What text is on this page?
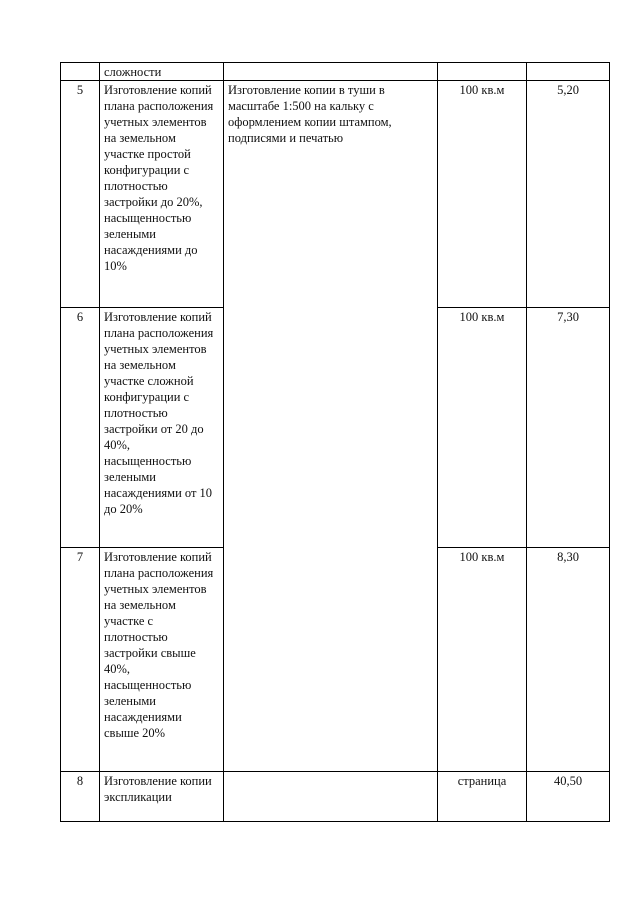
	сложности			
5	Изготовление копий плана расположения учетных элементов на земельном участке простой конфигурации с плотностью застройки до 20%, насыщенностью зелеными насаждениями до 10%	Изготовление копии в туши в масштабе 1:500 на кальку с оформлением копии штампом, подписями и печатью	100 кв.м	5,20
6	Изготовление копий плана расположения учетных элементов на земельном участке сложной конфигурации с плотностью застройки от 20 до 40%, насыщенностью зелеными насаждениями от 10 до 20%		100 кв.м	7,30
7	Изготовление копий плана расположения учетных элементов на земельном участке с плотностью застройки свыше 40%, насыщенностью зелеными насаждениями свыше 20%		100 кв.м	8,30
8	Изготовление копии экспликации		страница	40,50
